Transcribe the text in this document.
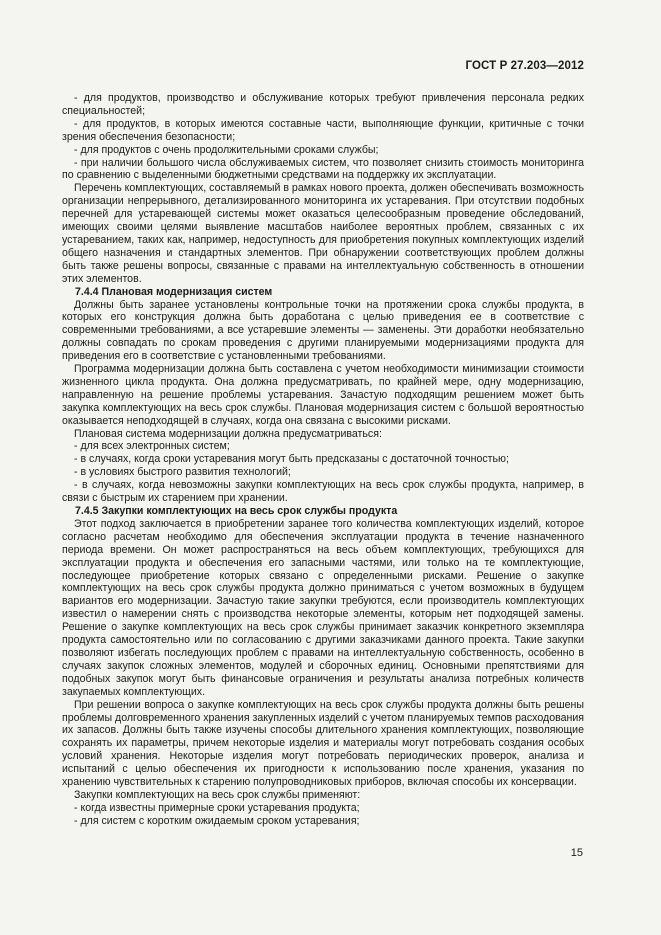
ГОСТ Р 27.203—2012

- для продуктов, производство и обслуживание которых требуют привлечения персонала редких специальностей;

- для продуктов, в которых имеются составные части, выполняющие функции, критичные с точки зрения обеспечения безопасности;

- для продуктов с очень продолжительными сроками службы;

- при наличии большого числа обслуживаемых систем, что позволяет снизить стоимость мониторинга по сравнению с выделенными бюджетными средствами на поддержку их эксплуатации.

Перечень комплектующих, составляемый в рамках нового проекта, должен обеспечивать возможность организации непрерывного, детализированного мониторинга их устаревания. При отсутствии подобных перечней для устаревающей системы может оказаться целесообразным проведение обследований, имеющих своими целями выявление масштабов наиболее вероятных проблем, связанных с их устареванием, таких как, например, недоступность для приобретения покупных комплектующих изделий общего назначения и стандартных элементов. При обнаружении соответствующих проблем должны быть также решены вопросы, связанные с правами на интеллектуальную собственность в отношении этих элементов.

7.4.4 Плановая модернизация систем

Должны быть заранее установлены контрольные точки на протяжении срока службы продукта, в которых его конструкция должна быть доработана с целью приведения ее в соответствие с современными требованиями, а все устаревшие элементы — заменены. Эти доработки необязательно должны совпадать по срокам проведения с другими планируемыми модернизациями продукта для приведения его в соответствие с установленными требованиями.

Программа модернизации должна быть составлена с учетом необходимости минимизации стоимости жизненного цикла продукта. Она должна предусматривать, по крайней мере, одну модернизацию, направленную на решение проблемы устаревания. Зачастую подходящим решением может быть закупка комплектующих на весь срок службы. Плановая модернизация систем с большой вероятностью оказывается неподходящей в случаях, когда она связана с высокими рисками.

Плановая система модернизации должна предусматриваться:

- для всех электронных систем;

- в случаях, когда сроки устаревания могут быть предсказаны с достаточной точностью;

- в условиях быстрого развития технологий;

- в случаях, когда невозможны закупки комплектующих на весь срок службы продукта, например, в связи с быстрым их старением при хранении.

7.4.5 Закупки комплектующих на весь срок службы продукта

Этот подход заключается в приобретении заранее того количества комплектующих изделий, которое согласно расчетам необходимо для обеспечения эксплуатации продукта в течение назначенного периода времени. Он может распространяться на весь объем комплектующих, требующихся для эксплуатации продукта и обеспечения его запасными частями, или только на те комплектующие, последующее приобретение которых связано с определенными рисками. Решение о закупке комплектующих на весь срок службы продукта должно приниматься с учетом возможных в будущем вариантов его модернизации. Зачастую такие закупки требуются, если производитель комплектующих известил о намерении снять с производства некоторые элементы, которым нет подходящей замены. Решение о закупке комплектующих на весь срок службы принимает заказчик конкретного экземпляра продукта самостоятельно или по согласованию с другими заказчиками данного проекта. Такие закупки позволяют избегать последующих проблем с правами на интеллектуальную собственность, особенно в случаях закупок сложных элементов, модулей и сборочных единиц. Основными препятствиями для подобных закупок могут быть финансовые ограничения и результаты анализа потребных количеств закупаемых комплектующих.

При решении вопроса о закупке комплектующих на весь срок службы продукта должны быть решены проблемы долговременного хранения закупленных изделий с учетом планируемых темпов расходования их запасов. Должны быть также изучены способы длительного хранения комплектующих, позволяющие сохранять их параметры, причем некоторые изделия и материалы могут потребовать создания особых условий хранения. Некоторые изделия могут потребовать периодических проверок, анализа и испытаний с целью обеспечения их пригодности к использованию после хранения, указания по хранению чувствительных к старению полупроводниковых приборов, включая способы их консервации.

Закупки комплектующих на весь срок службы применяют:

- когда известны примерные сроки устаревания продукта;

- для систем с коротким ожидаемым сроком устаревания;

15
